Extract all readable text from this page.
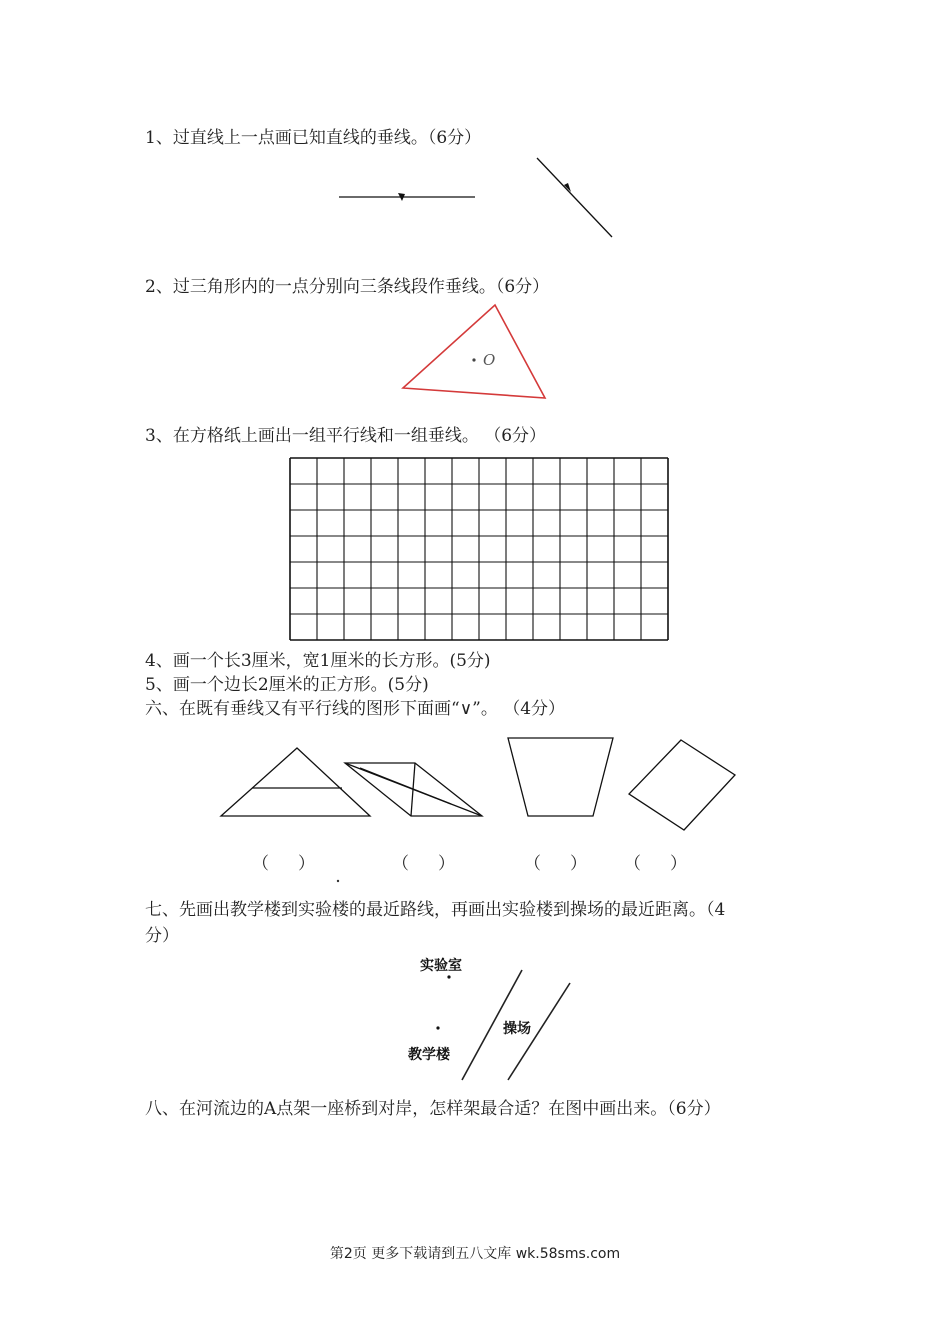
1、过直线上一点画已知直线的垂线。（6分）
2、过三角形内的一点分别向三条线段作垂线。（6分）
O
3、在方格纸上画出一组平行线和一组垂线。 （6分）
4、画一个长3厘米，宽1厘米的长方形。(5分)
5、画一个边长2厘米的正方形。(5分)
六、在既有垂线又有平行线的图形下面画“∨”。 （4分）
（　）	（　）	（　） （　）
七、先画出教学楼到实验楼的最近路线，再画出实验楼到操场的最近距离。（4
分）
实验室
操场
教学楼
八、在河流边的A点架一座桥到对岸，怎样架最合适？在图中画出来。（6分）
第2页 更多下载请到五八文库 wk.58sms.com
